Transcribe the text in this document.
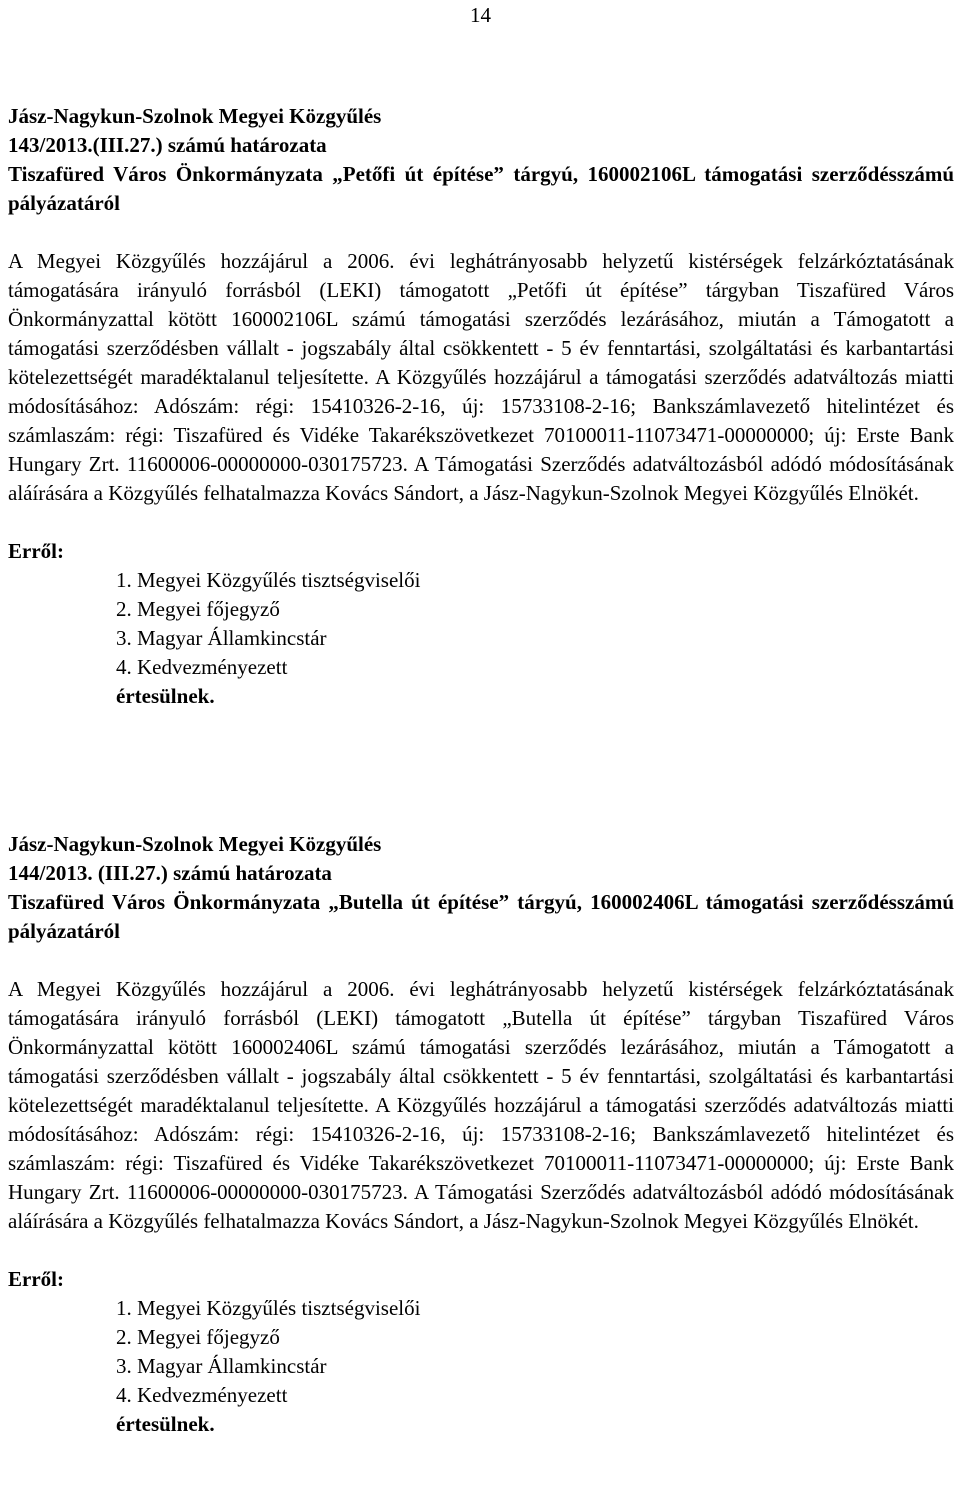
14
Jász-Nagykun-Szolnok Megyei Közgyűlés
143/2013.(III.27.) számú határozata
Tiszafüred Város Önkormányzata „Petőfi út építése” tárgyú, 160002106L támogatási szerződésszámú pályázatáról
A Megyei Közgyűlés hozzájárul a 2006. évi leghátrányosabb helyzetű kistérségek felzárkóztatásának támogatására irányuló forrásból (LEKI) támogatott „Petőfi út építése” tárgyban Tiszafüred Város Önkormányzattal kötött 160002106L számú támogatási szerződés lezárásához, miután a Támogatott a támogatási szerződésben vállalt - jogszabály által csökkentett - 5 év fenntartási, szolgáltatási és karbantartási kötelezettségét maradéktalanul teljesítette. A Közgyűlés hozzájárul a támogatási szerződés adatváltozás miatti módosításához: Adószám: régi: 15410326-2-16, új: 15733108-2-16; Bankszámlavezető hitelintézet és számlaszám: régi: Tiszafüred és Vidéke Takarékszövetkezet 70100011-11073471-00000000; új: Erste Bank Hungary Zrt. 11600006-00000000-030175723. A Támogatási Szerződés adatváltozásból adódó módosításának aláírására a Közgyűlés felhatalmazza Kovács Sándort, a Jász-Nagykun-Szolnok Megyei Közgyűlés Elnökét.
Erről:
1. Megyei Közgyűlés tisztségviselői
2. Megyei főjegyző
3. Magyar Államkincstár
4. Kedvezményezett
értesülnek.
Jász-Nagykun-Szolnok Megyei Közgyűlés
144/2013. (III.27.) számú határozata
Tiszafüred Város Önkormányzata „Butella út építése” tárgyú, 160002406L támogatási szerződésszámú pályázatáról
A Megyei Közgyűlés hozzájárul a 2006. évi leghátrányosabb helyzetű kistérségek felzárkóztatásának támogatására irányuló forrásból (LEKI) támogatott „Butella út építése” tárgyban Tiszafüred Város Önkormányzattal kötött 160002406L számú támogatási szerződés lezárásához, miután a Támogatott a támogatási szerződésben vállalt - jogszabály által csökkentett - 5 év fenntartási, szolgáltatási és karbantartási kötelezettségét maradéktalanul teljesítette. A Közgyűlés hozzájárul a támogatási szerződés adatváltozás miatti módosításához: Adószám: régi: 15410326-2-16, új: 15733108-2-16; Bankszámlavezető hitelintézet és számlaszám: régi: Tiszafüred és Vidéke Takarékszövetkezet 70100011-11073471-00000000; új: Erste Bank Hungary Zrt. 11600006-00000000-030175723. A Támogatási Szerződés adatváltozásból adódó módosításának aláírására a Közgyűlés felhatalmazza Kovács Sándort, a Jász-Nagykun-Szolnok Megyei Közgyűlés Elnökét.
Erről:
1. Megyei Közgyűlés tisztségviselői
2. Megyei főjegyző
3. Magyar Államkincstár
4. Kedvezményezett
értesülnek.
